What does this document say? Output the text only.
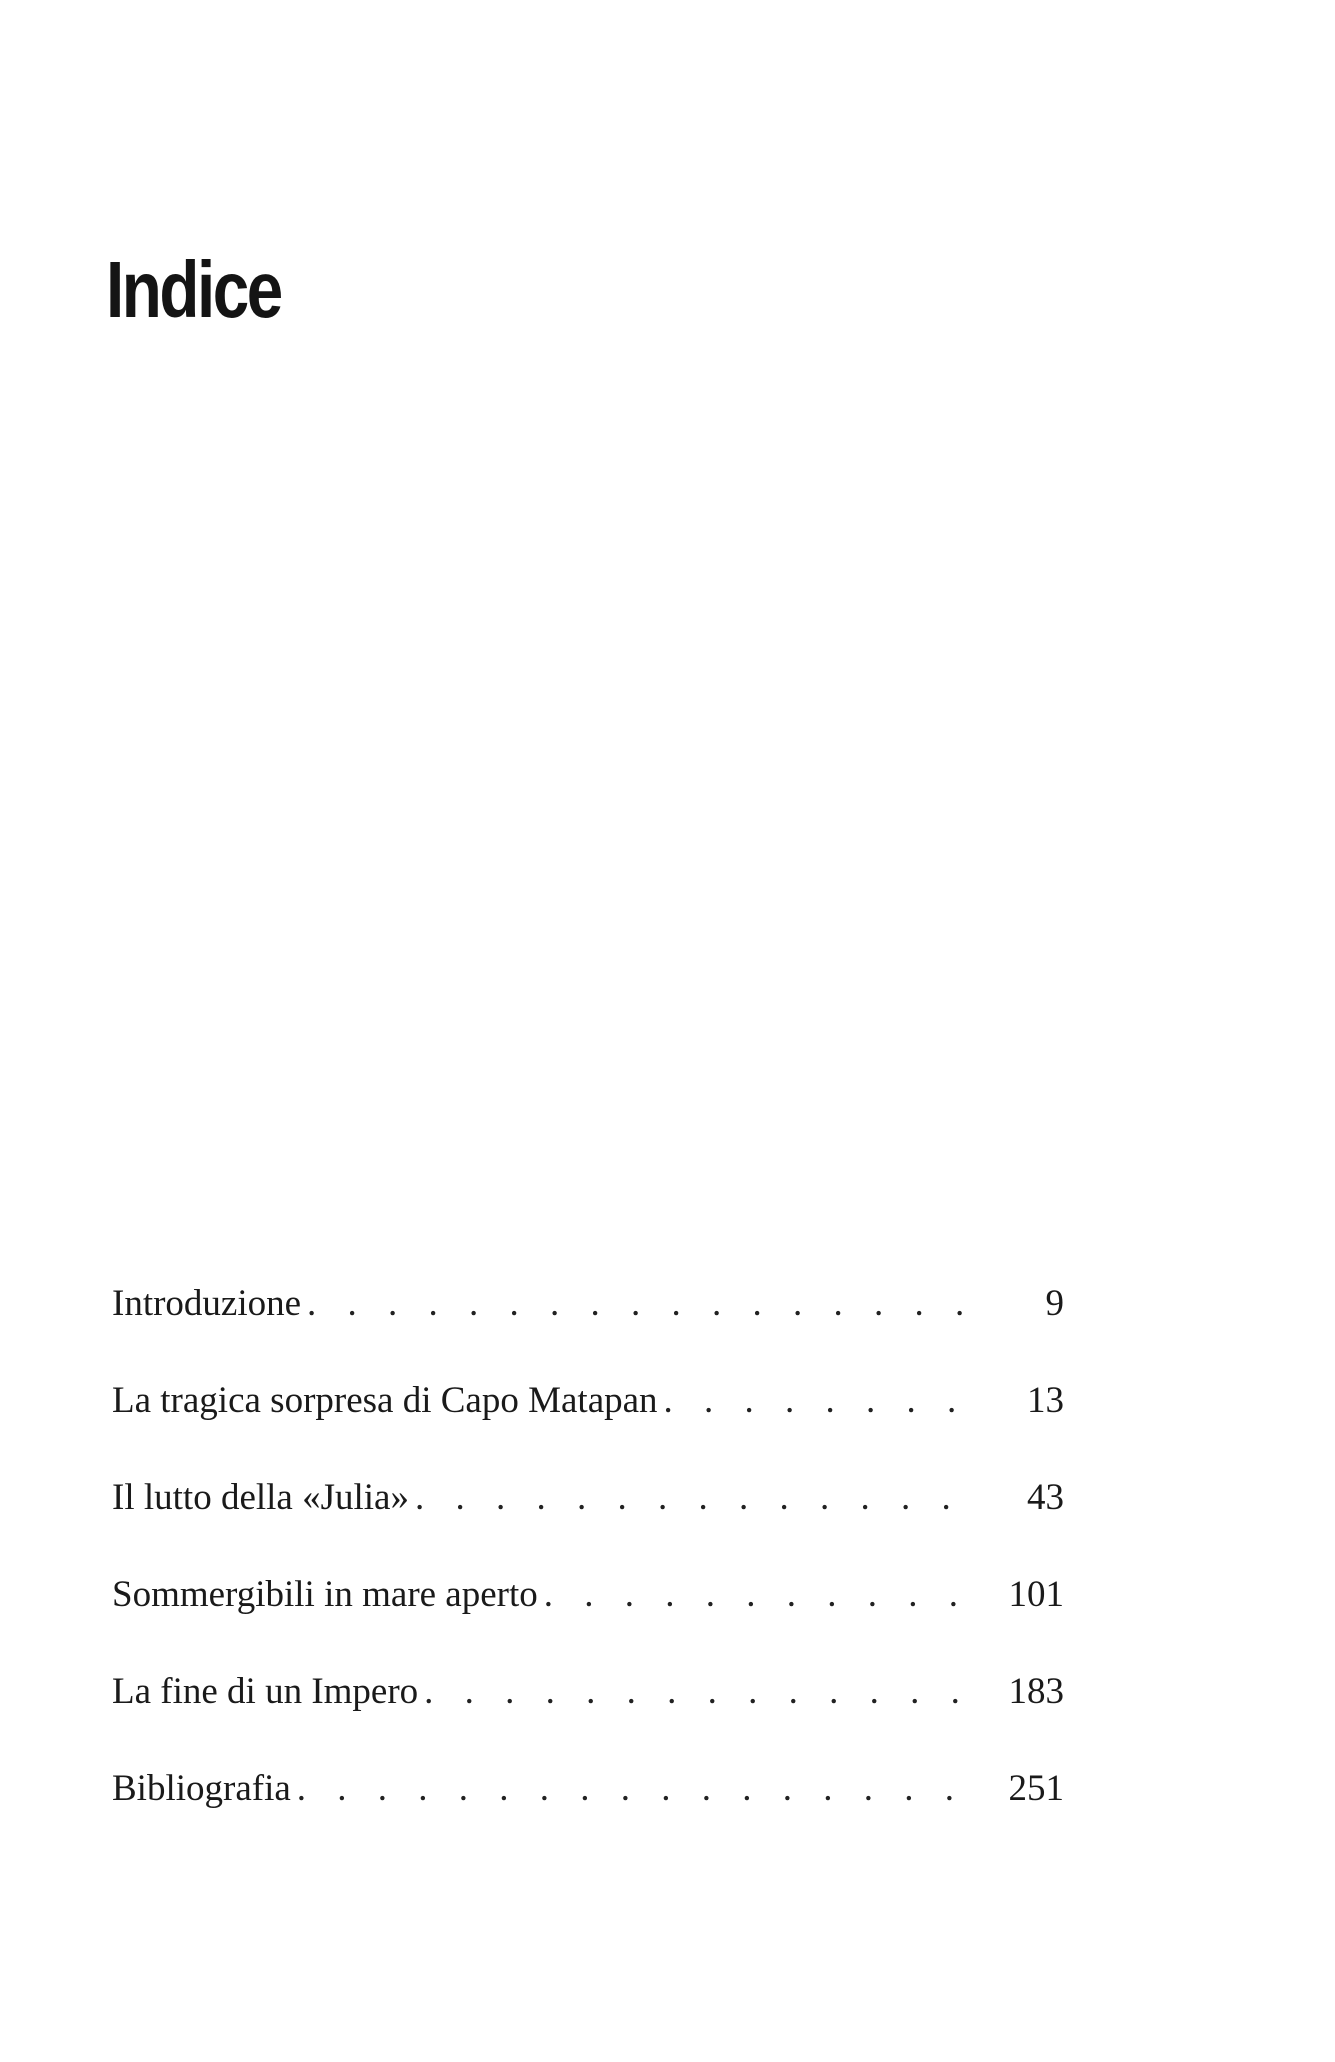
Indice
Introduzione . . .	9
La tragica sorpresa di Capo Matapan . . .	13
Il lutto della «Julia» . . .	43
Sommergibili in mare aperto . . .	101
La fine di un Impero . . .	183
Bibliografia . . .	251
